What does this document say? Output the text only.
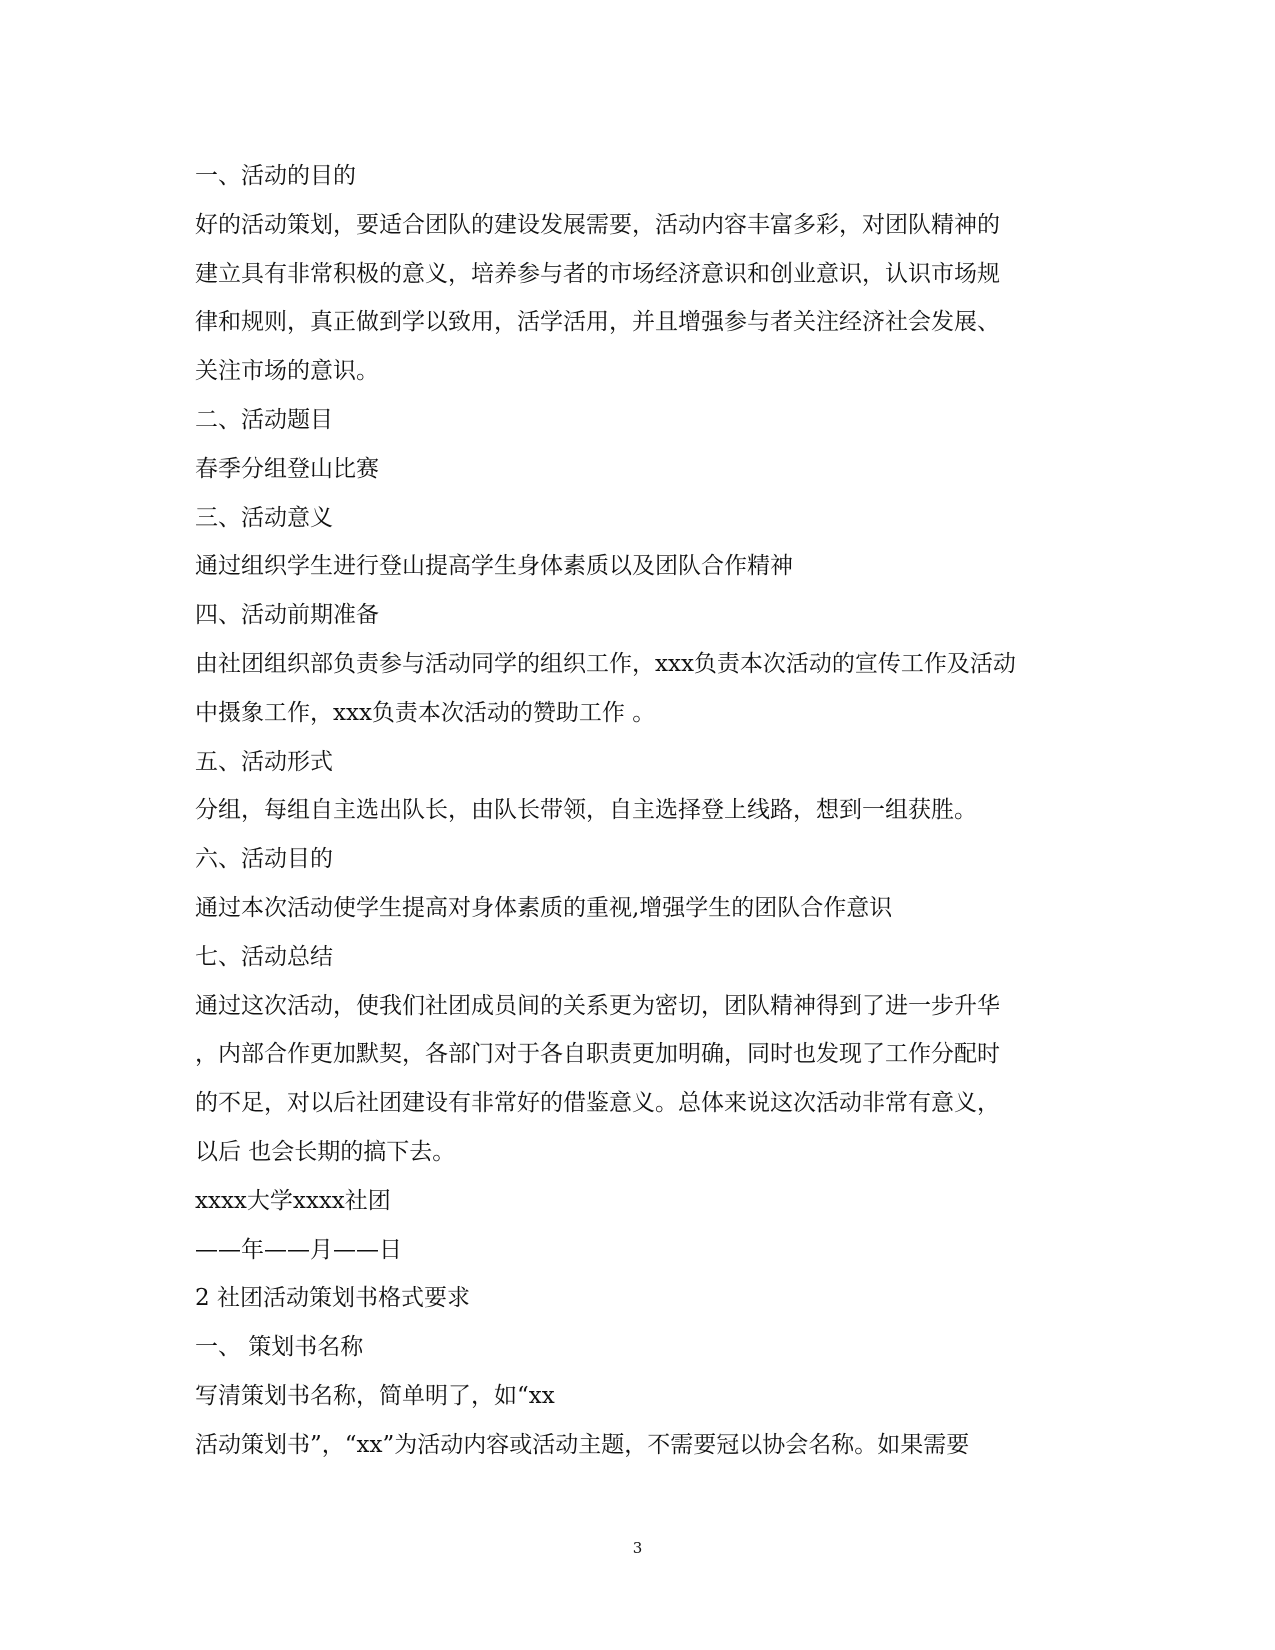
一、活动的目的
好的活动策划，要适合团队的建设发展需要，活动内容丰富多彩，对团队精神的
建立具有非常积极的意义，培养参与者的市场经济意识和创业意识，认识市场规
律和规则，真正做到学以致用，活学活用，并且增强参与者关注经济社会发展、
关注市场的意识。
二、活动题目
春季分组登山比赛
三、活动意义
通过组织学生进行登山提高学生身体素质以及团队合作精神
四、活动前期准备
由社团组织部负责参与活动同学的组织工作，xxx负责本次活动的宣传工作及活动
中摄象工作，xxx负责本次活动的赞助工作 。
五、活动形式
分组，每组自主选出队长，由队长带领，自主选择登上线路，想到一组获胜。
六、活动目的
通过本次活动使学生提高对身体素质的重视,增强学生的团队合作意识
七、活动总结
通过这次活动，使我们社团成员间的关系更为密切，团队精神得到了进一步升华
，内部合作更加默契，各部门对于各自职责更加明确，同时也发现了工作分配时
的不足，对以后社团建设有非常好的借鉴意义。总体来说这次活动非常有意义，
以后 也会长期的搞下去。
xxxx大学xxxx社团
——年——月——日
2 社团活动策划书格式要求
一、 策划书名称
写清策划书名称，简单明了，如“xx
活动策划书”，“xx”为活动内容或活动主题，不需要冠以协会名称。如果需要
3
